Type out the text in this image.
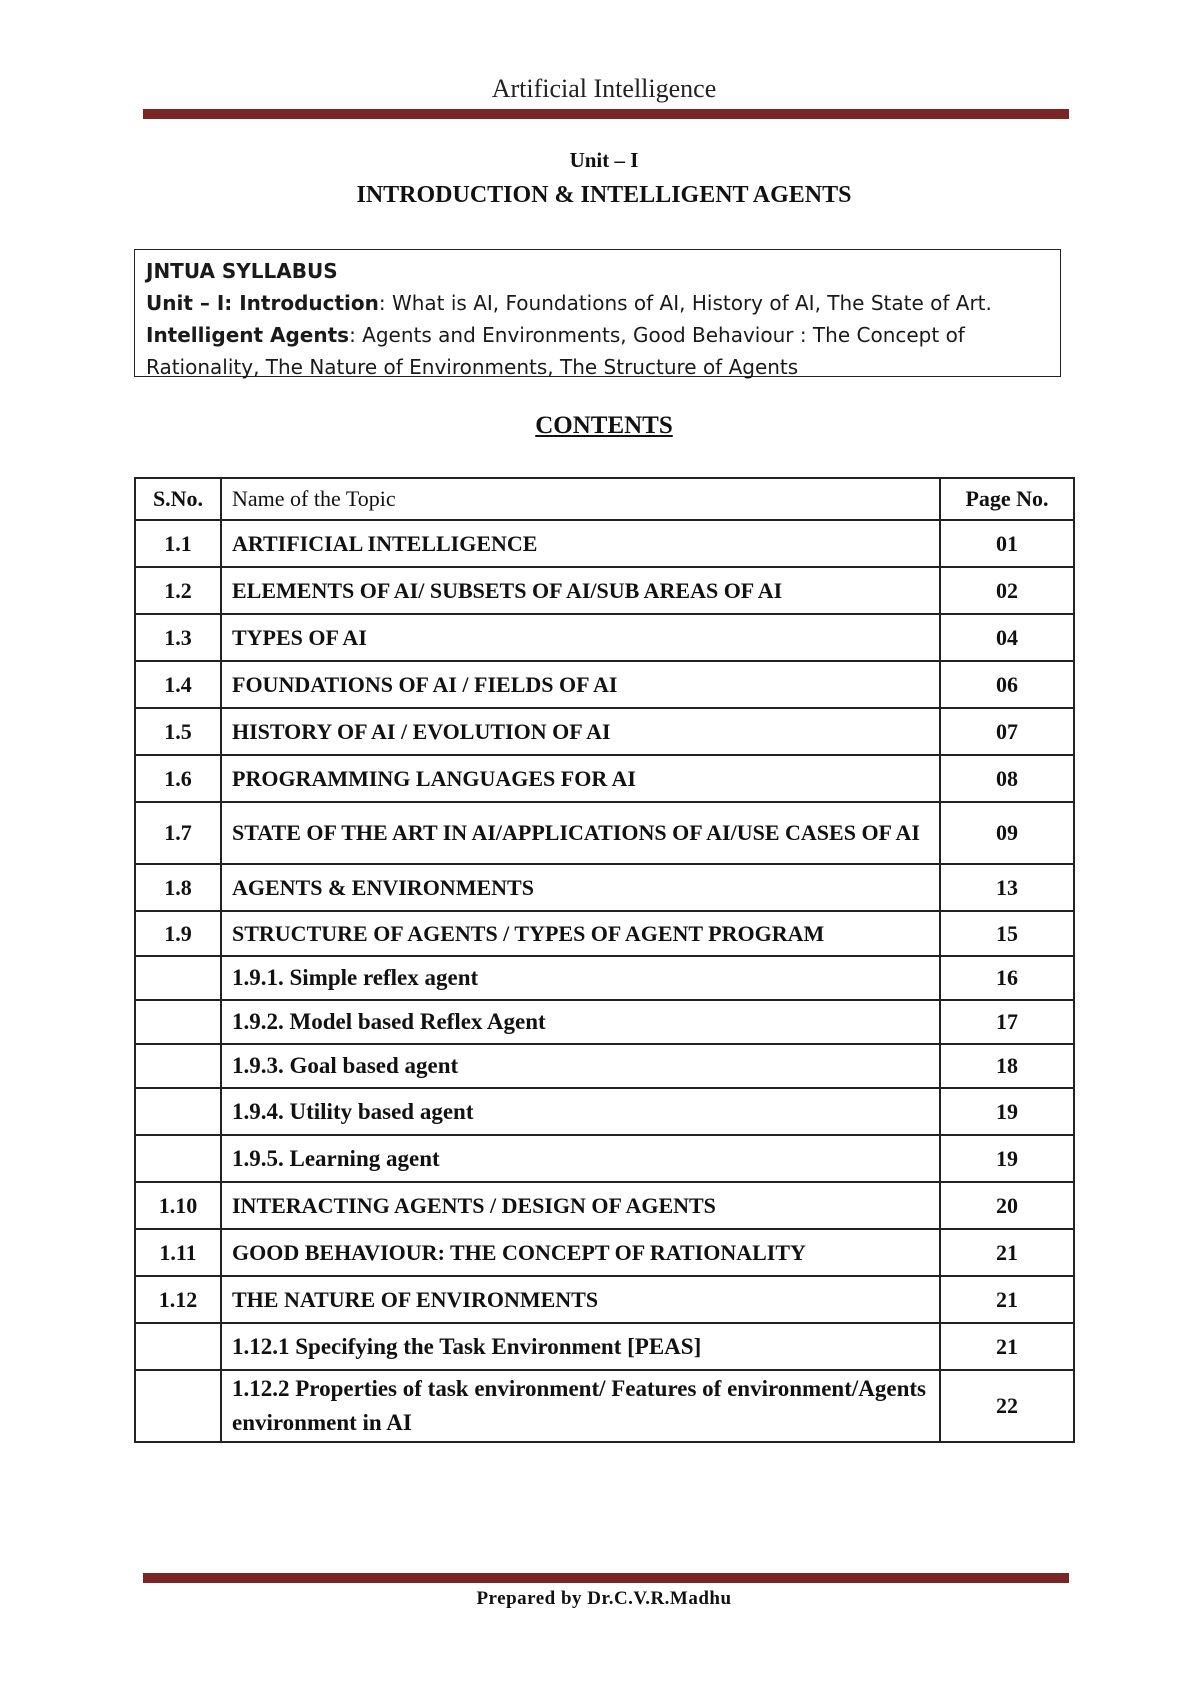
Artificial Intelligence
Unit – I
INTRODUCTION & INTELLIGENT AGENTS

JNTUA SYLLABUS

Unit – I: Introduction: What is AI, Foundations of AI, History of AI, The State of Art.

Intelligent Agents: Agents and Environments, Good Behaviour : The Concept of

Rationality, The Nature of Environments, The Structure of Agents

CONTENTS
S.No.	Name of the Topic	Page No.
1.1	ARTIFICIAL INTELLIGENCE	01
1.2	ELEMENTS OF AI/ SUBSETS OF AI/SUB AREAS OF AI	02
1.3	TYPES OF AI	04
1.4	FOUNDATIONS OF AI / FIELDS OF AI	06
1.5	HISTORY OF AI / EVOLUTION OF AI	07
1.6	PROGRAMMING LANGUAGES FOR AI	08
1.7	STATE OF THE ART IN AI/APPLICATIONS OF AI/USE CASES OF AI	09
1.8	AGENTS & ENVIRONMENTS	13
1.9	STRUCTURE OF AGENTS / TYPES OF AGENT PROGRAM	15
	1.9.1. Simple reflex agent	16
	1.9.2. Model based Reflex Agent	17
	1.9.3. Goal based agent	18
	1.9.4. Utility based agent	19
	1.9.5. Learning agent	19
1.10	INTERACTING AGENTS / DESIGN OF AGENTS	20
1.11	GOOD BEHAVIOUR: THE CONCEPT OF RATIONALITY	21
1.12	THE NATURE OF ENVIRONMENTS	21
	1.12.1 Specifying the Task Environment [PEAS]	21
	1.12.2 Properties of task environment/ Features of environment/Agents environment in AI	22
Prepared by Dr.C.V.R.Madhu
